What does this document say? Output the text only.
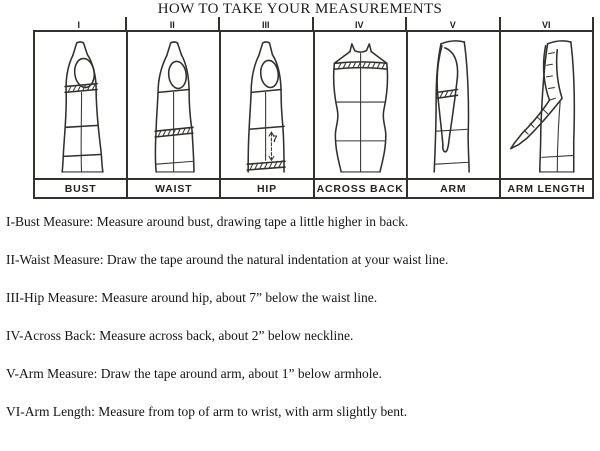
HOW TO TAKE YOUR MEASUREMENTS
I	II	III	IV	V	VI
7
BUST	WAIST	HIP	ACROSS BACK	ARM	ARM LENGTH

I-Bust Measure: Measure around bust, drawing tape a little higher in back.

II-Waist Measure: Draw the tape around the natural indentation at your waist line.

III-Hip Measure: Measure around hip, about 7” below the waist line.

IV-Across Back: Measure across back, about 2” below neckline.

V-Arm Measure: Draw the tape around arm, about 1” below armhole.

VI-Arm Length: Measure from top of arm to wrist, with arm slightly bent.
